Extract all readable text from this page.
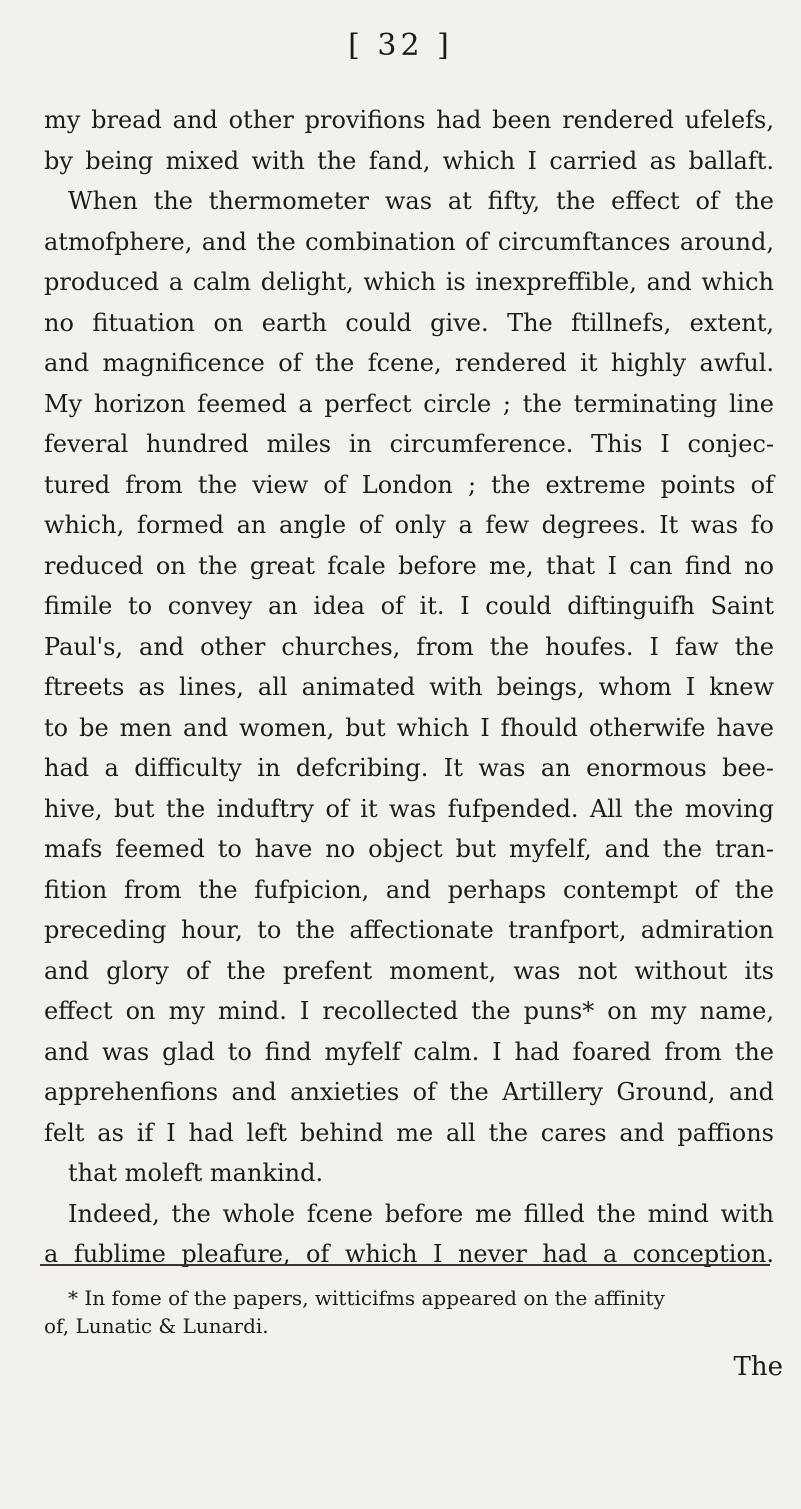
[ 32 ]
my bread and other provifions had been rendered ufelefs,
by being mixed with the fand, which I carried as ballaft.
When the thermometer was at fifty, the effect of the
atmofphere, and the combination of circumftances around,
produced a calm delight, which is inexpreffible, and which
no fituation on earth could give. The ftillnefs, extent,
and magnificence of the fcene, rendered it highly awful.
My horizon feemed a perfect circle ; the terminating line
feveral hundred miles in circumference. This I conjec-
tured from the view of London ; the extreme points of
which, formed an angle of only a few degrees. It was fo
reduced on the great fcale before me, that I can find no
fimile to convey an idea of it. I could diftinguifh Saint
Paul's, and other churches, from the houfes. I faw the
ftreets as lines, all animated with beings, whom I knew
to be men and women, but which I fhould otherwife have
had a difficulty in defcribing. It was an enormous bee-
hive, but the induftry of it was fufpended. All the moving
mafs feemed to have no object but myfelf, and the tran-
fition from the fufpicion, and perhaps contempt of the
preceding hour, to the affectionate tranfport, admiration
and glory of the prefent moment, was not without its
effect on my mind. I recollected the puns* on my name,
and was glad to find myfelf calm. I had foared from the
apprehenfions and anxieties of the Artillery Ground, and
felt as if I had left behind me all the cares and paffions
that moleft mankind.
Indeed, the whole fcene before me filled the mind with
a fublime pleafure, of which I never had a conception.
* In fome of the papers, witticifms appeared on the affinity
of, Lunatic & Lunardi.
The
